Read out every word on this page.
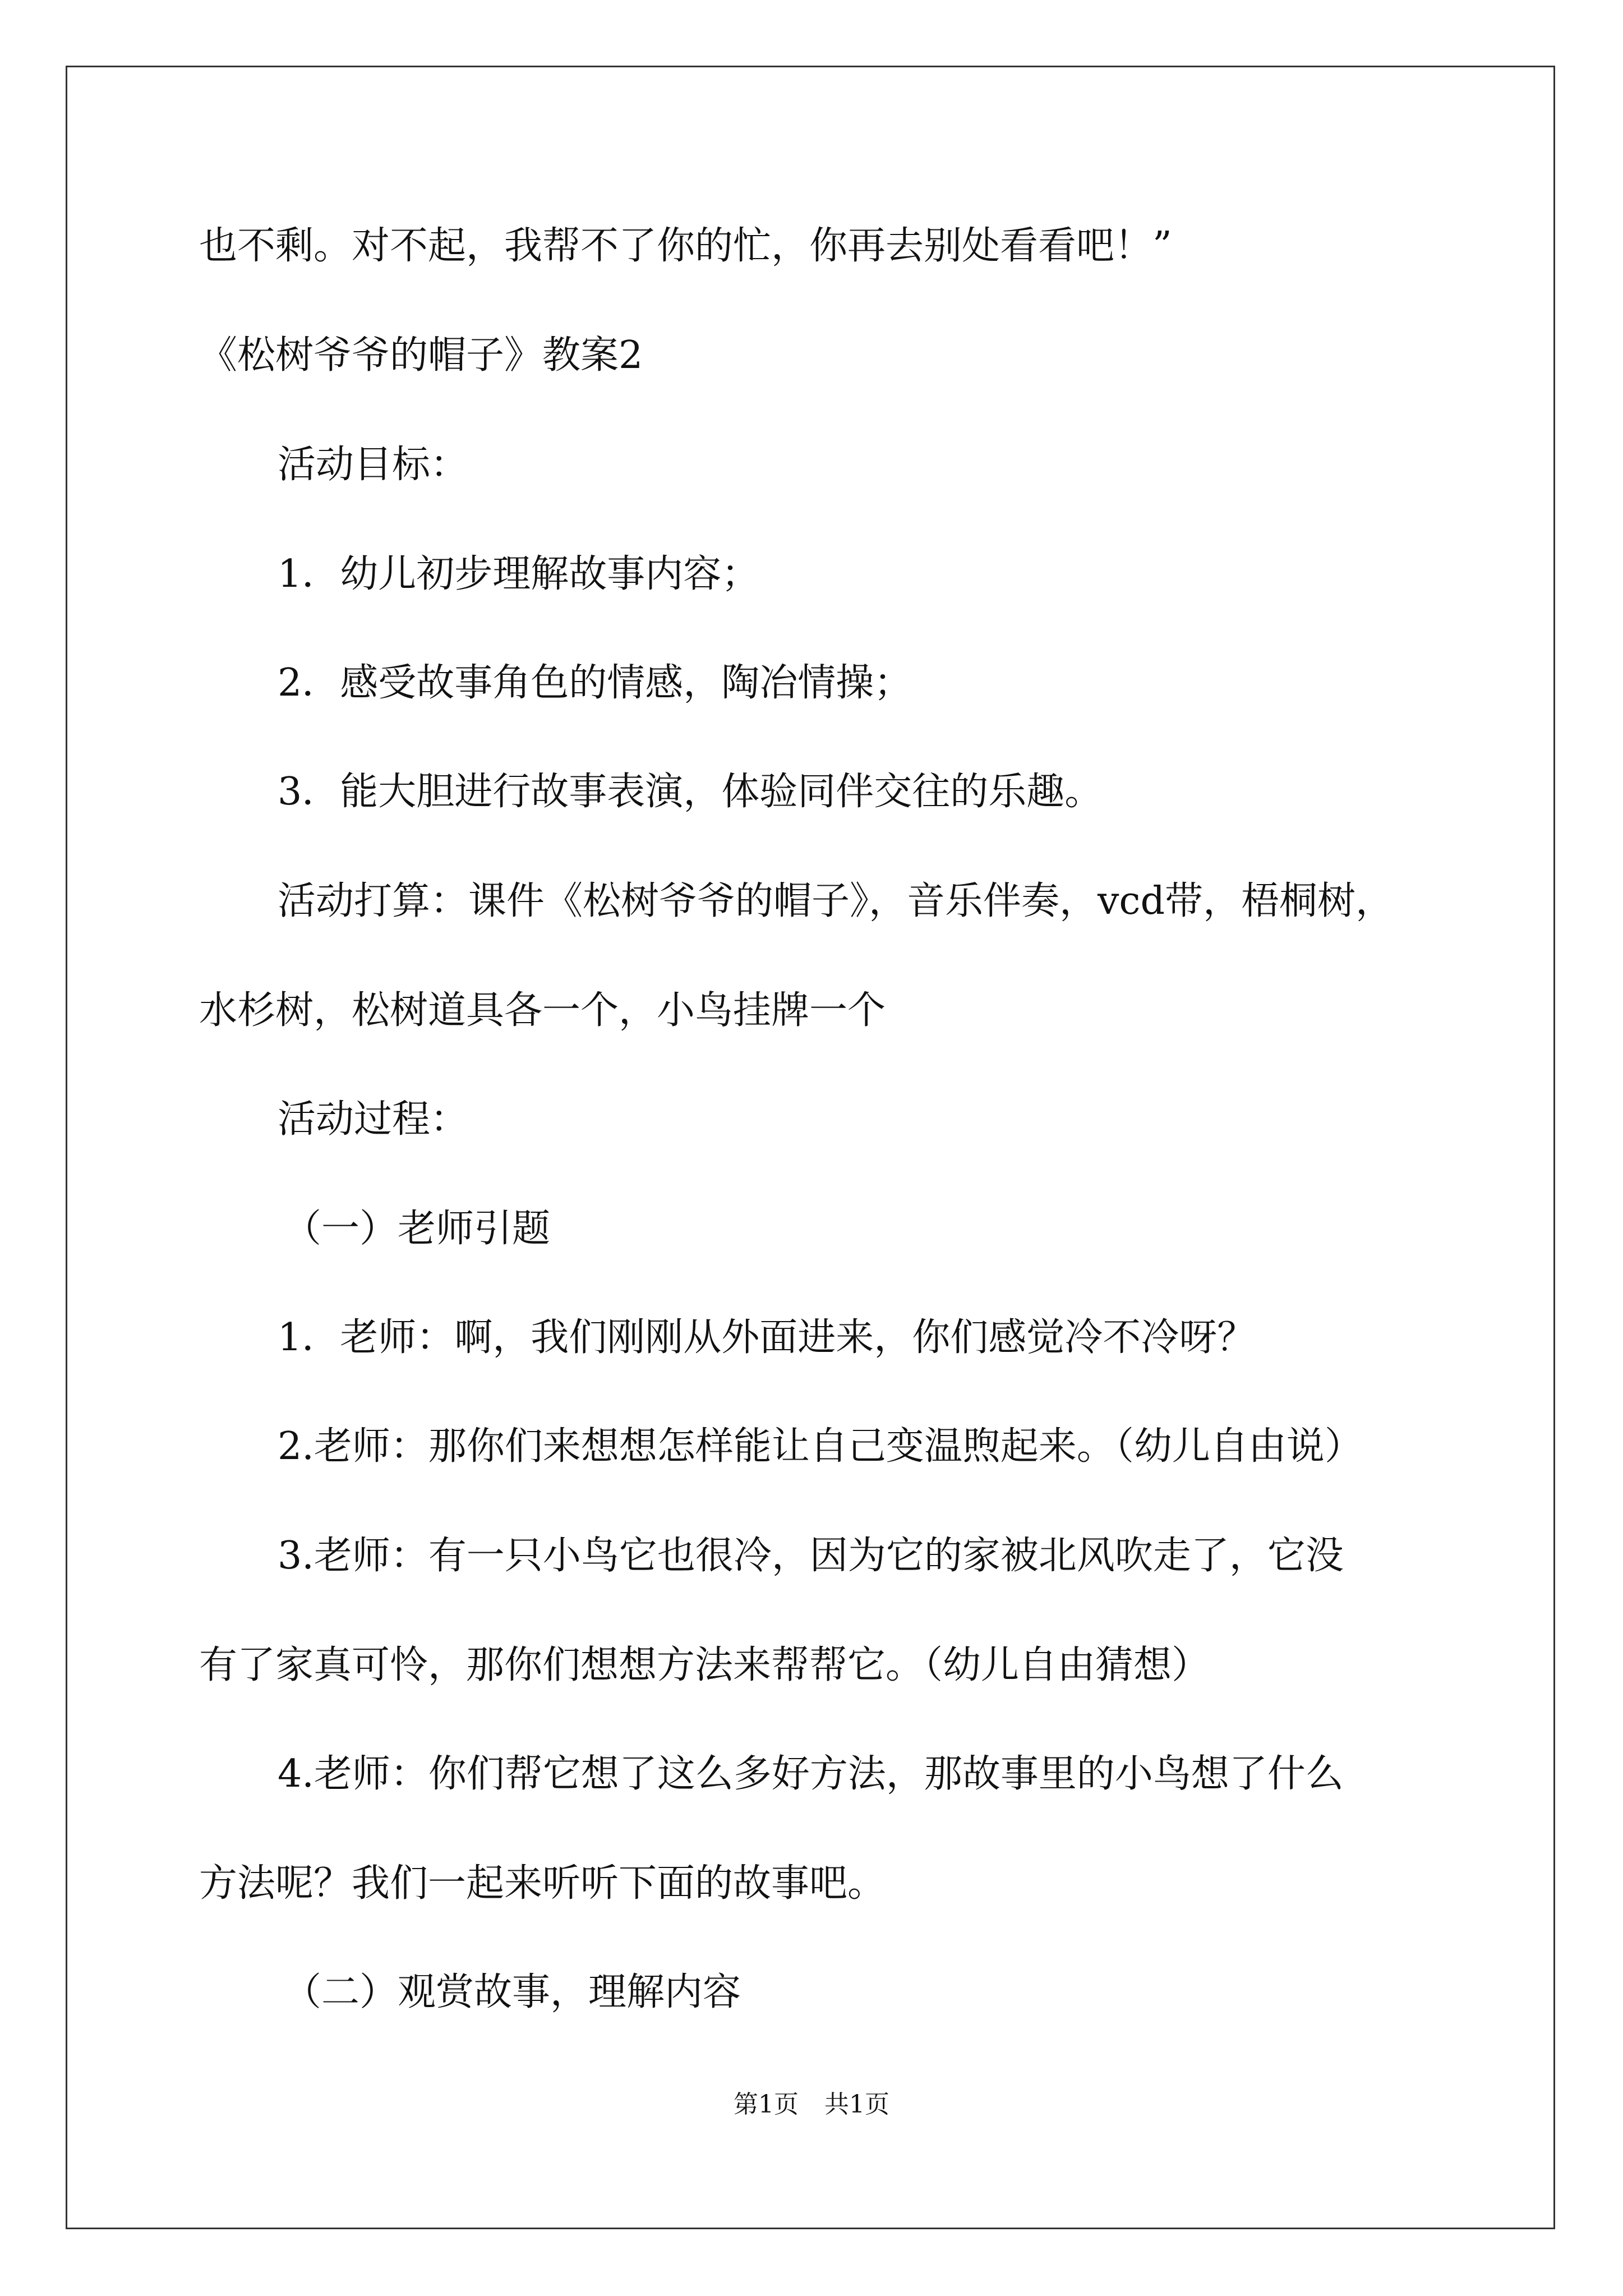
也不剩。对不起，我帮不了你的忙，你再去别处看看吧！”
《松树爷爷的帽子》教案2
活动目标：
1．幼儿初步理解故事内容；
2．感受故事角色的情感，陶冶情操；
3．能大胆进行故事表演，体验同伴交往的乐趣。
活动打算：课件《松树爷爷的帽子》，音乐伴奏，vcd带，梧桐树，
水杉树，松树道具各一个，小鸟挂牌一个
活动过程：
（一）老师引题
1．老师：啊，我们刚刚从外面进来，你们感觉冷不冷呀？
2.老师：那你们来想想怎样能让自己变温煦起来。（幼儿自由说）
3.老师：有一只小鸟它也很冷，因为它的家被北风吹走了，它没
有了家真可怜，那你们想想方法来帮帮它。（幼儿自由猜想）
4.老师：你们帮它想了这么多好方法，那故事里的小鸟想了什么
方法呢？我们一起来听听下面的故事吧。
（二）观赏故事，理解内容
第1页 共1页
